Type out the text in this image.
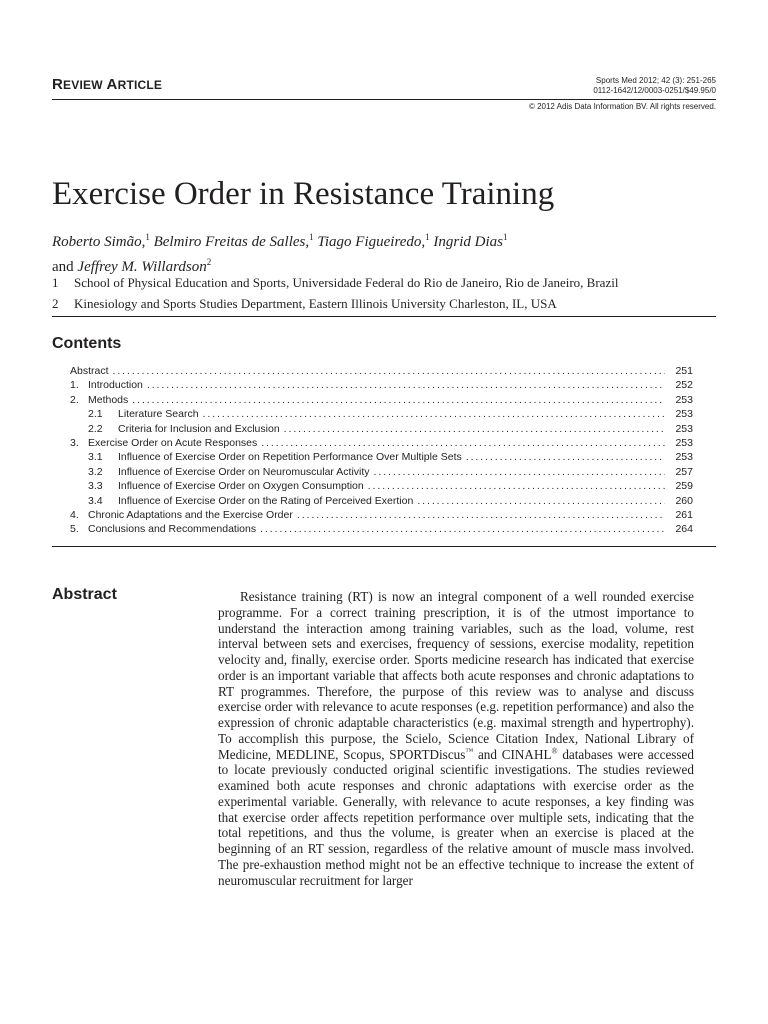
REVIEW ARTICLE	Sports Med 2012; 42 (3): 251-265
0112-1642/12/0003-0251/$49.95/0
© 2012 Adis Data Information BV. All rights reserved.
Exercise Order in Resistance Training
Roberto Simão,$^1$ Belmiro Freitas de Salles,$^1$ Tiago Figueiredo,$^1$ Ingrid Dias$^1$
and Jeffrey M. Willardson$^2$
1	School of Physical Education and Sports, Universidade Federal do Rio de Janeiro, Rio de Janeiro, Brazil
2	Kinesiology and Sports Studies Department, Eastern Illinois University Charleston, IL, USA
Contents
Abstract . . .	251
1. Introduction . . .	252
2. Methods . . .	253
2.1	Literature Search . . .	253
2.2	Criteria for Inclusion and Exclusion . . .	253
3. Exercise Order on Acute Responses . . .	253
3.1	Influence of Exercise Order on Repetition Performance Over Multiple Sets . . .	253
3.2	Influence of Exercise Order on Neuromuscular Activity . . .	257
3.3	Influence of Exercise Order on Oxygen Consumption . . .	259
3.4	Influence of Exercise Order on the Rating of Perceived Exertion . . .	260
4. Chronic Adaptations and the Exercise Order . . .	261
5. Conclusions and Recommendations . . .	264
Abstract	Resistance training (RT) is now an integral component of a well rounded exercise programme. For a correct training prescription, it is of the utmost importance to understand the interaction among training variables, such as the load, volume, rest interval between sets and exercises, frequency of sessions, exercise modality, repetition velocity and, finally, exercise order. Sports medicine research has indicated that exercise order is an important variable that affects both acute responses and chronic adaptations to RT programmes. Therefore, the purpose of this review was to analyse and discuss exercise order with relevance to acute responses (e.g. repetition performance) and also the expression of chronic adaptable characteristics (e.g. maximal strength and hypertrophy). To accomplish this purpose, the Scielo, Science Citation Index, National Library of Medicine, MEDLINE, Scopus, SPORTDiscus™ and CINAHL® databases were accessed to locate previously conducted original scientific investigations. The studies reviewed examined both acute responses and chronic adaptations with exercise order as the experimental variable. Generally, with relevance to acute responses, a key finding was that exercise order affects repetition performance over multiple sets, indicating that the total repetitions, and thus the volume, is greater when an exercise is placed at the beginning of an RT session, regardless of the relative amount of muscle mass involved. The pre-exhaustion method might not be an effective technique to increase the extent of neuromuscular recruitment for larger
